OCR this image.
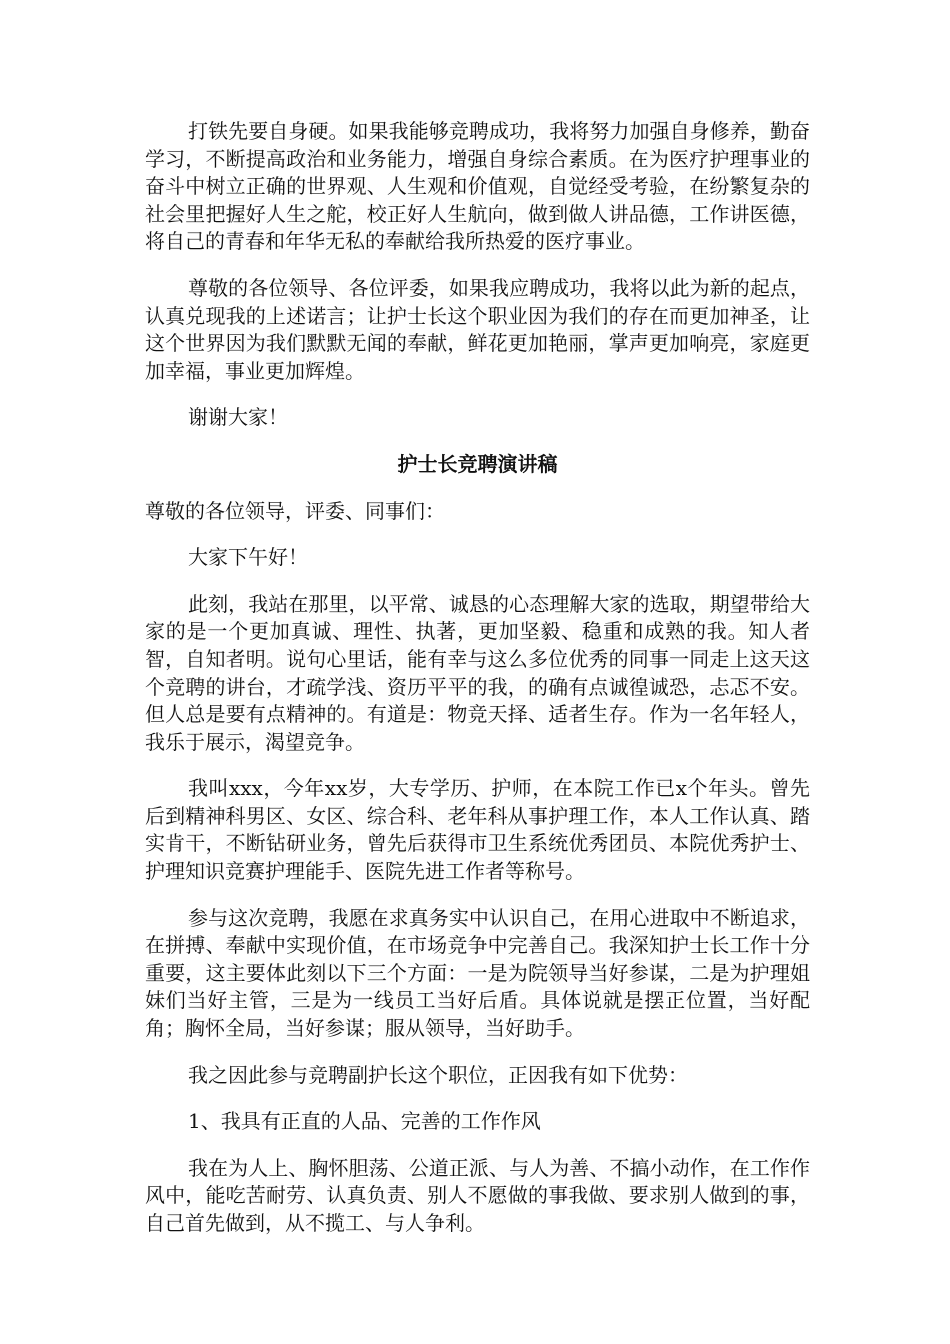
打铁先要自身硬。如果我能够竞聘成功，我将努力加强自身修养，勤奋学习，不断提高政治和业务能力，增强自身综合素质。在为医疗护理事业的奋斗中树立正确的世界观、人生观和价值观，自觉经受考验，在纷繁复杂的社会里把握好人生之舵，校正好人生航向，做到做人讲品德，工作讲医德，将自己的青春和年华无私的奉献给我所热爱的医疗事业。

尊敬的各位领导、各位评委，如果我应聘成功，我将以此为新的起点，认真兑现我的上述诺言；让护士长这个职业因为我们的存在而更加神圣，让这个世界因为我们默默无闻的奉献，鲜花更加艳丽，掌声更加响亮，家庭更加幸福，事业更加辉煌。

谢谢大家！

护士长竞聘演讲稿

尊敬的各位领导，评委、同事们：

大家下午好！

此刻，我站在那里，以平常、诚恳的心态理解大家的选取，期望带给大家的是一个更加真诚、理性、执著，更加坚毅、稳重和成熟的我。知人者智，自知者明。说句心里话，能有幸与这么多位优秀的同事一同走上这天这个竞聘的讲台，才疏学浅、资历平平的我，的确有点诚徨诚恐，忐忑不安。但人总是要有点精神的。有道是：物竞天择、适者生存。作为一名年轻人，我乐于展示，渴望竞争。

我叫xxx，今年xx岁，大专学历、护师，在本院工作已x个年头。曾先后到精神科男区、女区、综合科、老年科从事护理工作，本人工作认真、踏实肯干，不断钻研业务，曾先后获得市卫生系统优秀团员、本院优秀护士、护理知识竞赛护理能手、医院先进工作者等称号。

参与这次竞聘，我愿在求真务实中认识自己，在用心进取中不断追求，在拼搏、奉献中实现价值，在市场竞争中完善自己。我深知护士长工作十分重要，这主要体此刻以下三个方面：一是为院领导当好参谋，二是为护理姐妹们当好主管，三是为一线员工当好后盾。具体说就是摆正位置，当好配角；胸怀全局，当好参谋；服从领导，当好助手。

我之因此参与竞聘副护长这个职位，正因我有如下优势：

1、我具有正直的人品、完善的工作作风

我在为人上、胸怀胆荡、公道正派、与人为善、不搞小动作，在工作作风中，能吃苦耐劳、认真负责、别人不愿做的事我做、要求别人做到的事，自己首先做到，从不揽工、与人争利。
